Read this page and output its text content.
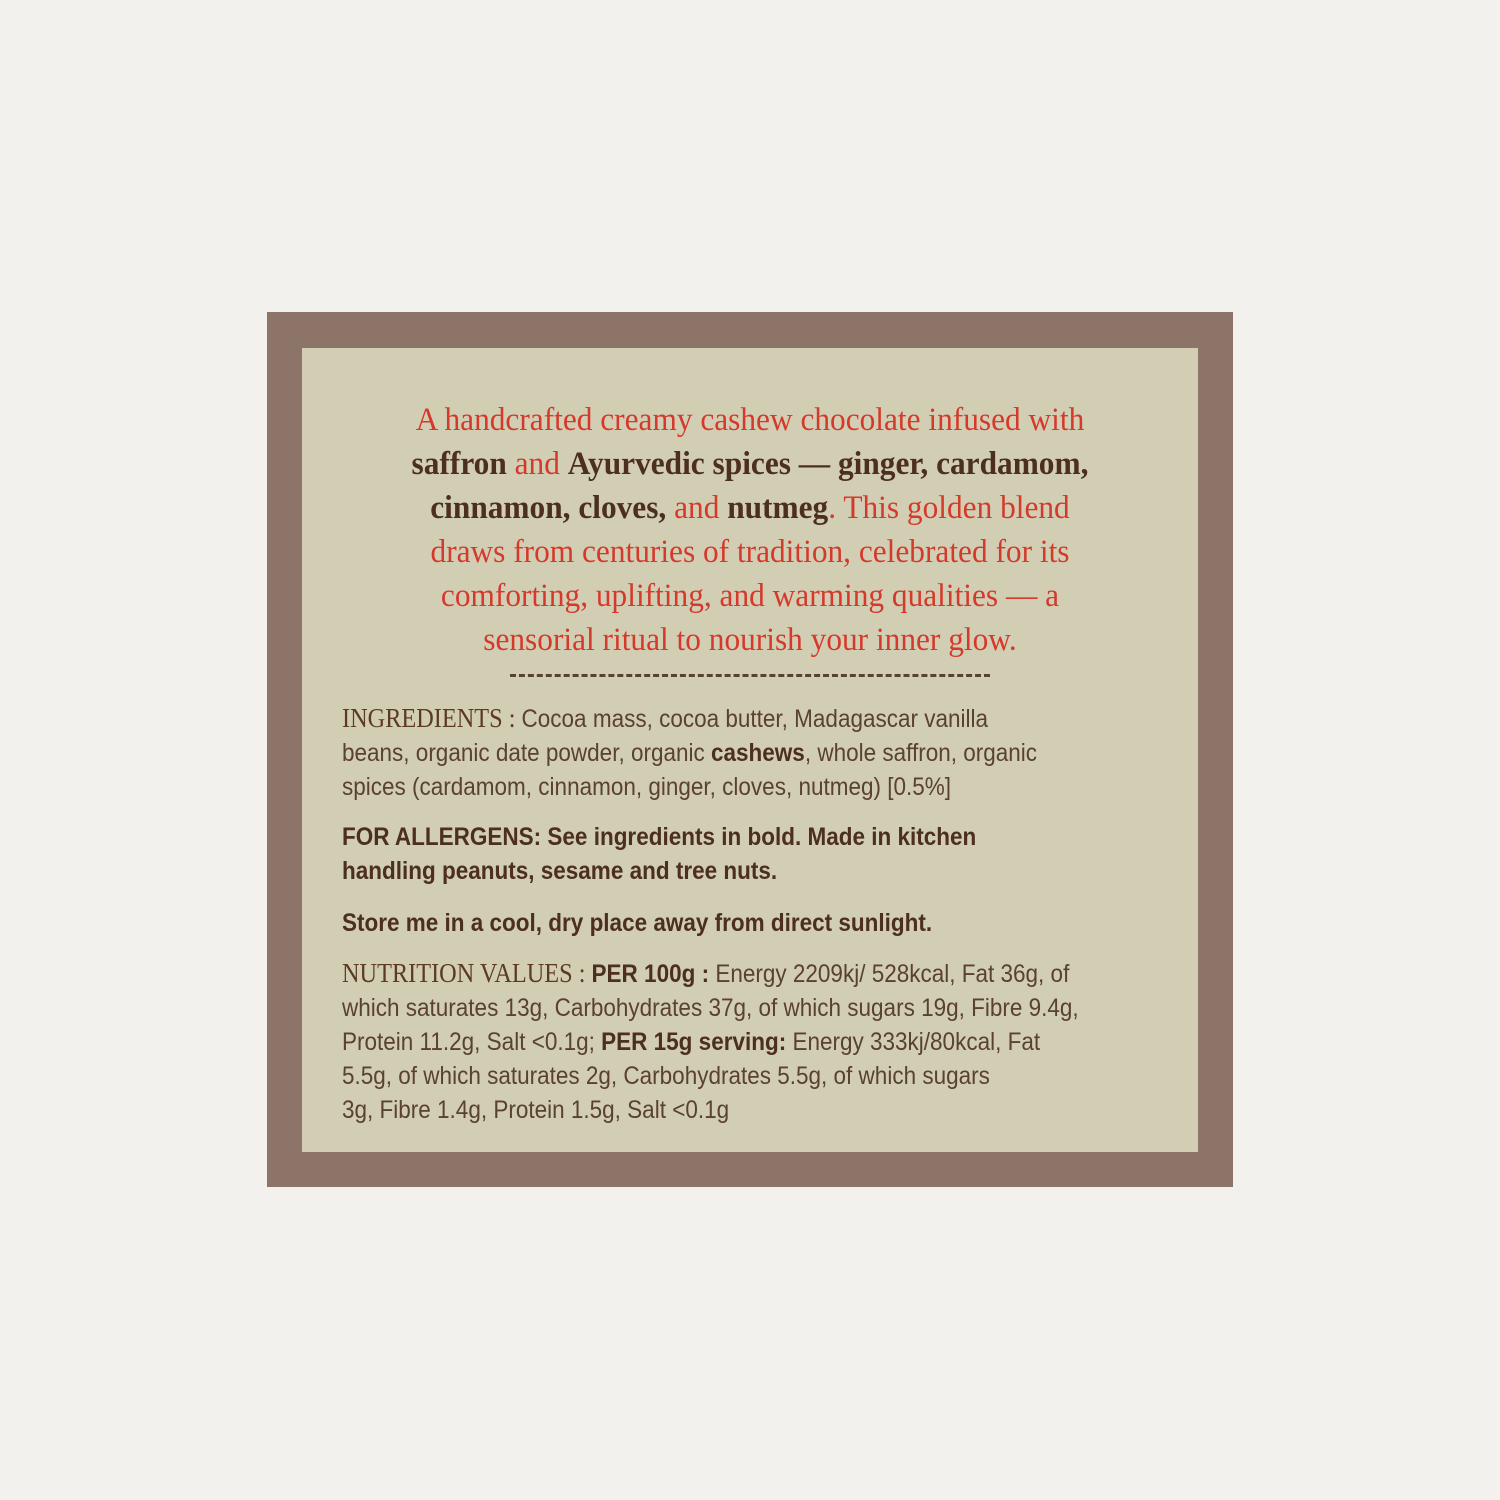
A handcrafted creamy cashew chocolate infused with
saffron and Ayurvedic spices — ginger, cardamom,
cinnamon, cloves, and nutmeg. This golden blend
draws from centuries of tradition, celebrated for its
comforting, uplifting, and warming qualities — a
sensorial ritual to nourish your inner glow.
INGREDIENTS : Cocoa mass, cocoa butter, Madagascar vanilla
beans, organic date powder, organic cashews, whole saffron, organic
spices (cardamom, cinnamon, ginger, cloves, nutmeg) [0.5%]
FOR ALLERGENS: See ingredients in bold. Made in kitchen
handling peanuts, sesame and tree nuts.
Store me in a cool, dry place away from direct sunlight.
NUTRITION VALUES : PER 100g : Energy 2209kj/ 528kcal, Fat 36g, of
which saturates 13g, Carbohydrates 37g, of which sugars 19g, Fibre 9.4g,
Protein 11.2g, Salt <0.1g; PER 15g serving: Energy 333kj/80kcal, Fat
5.5g, of which saturates 2g, Carbohydrates 5.5g, of which sugars
3g, Fibre 1.4g, Protein 1.5g, Salt <0.1g
